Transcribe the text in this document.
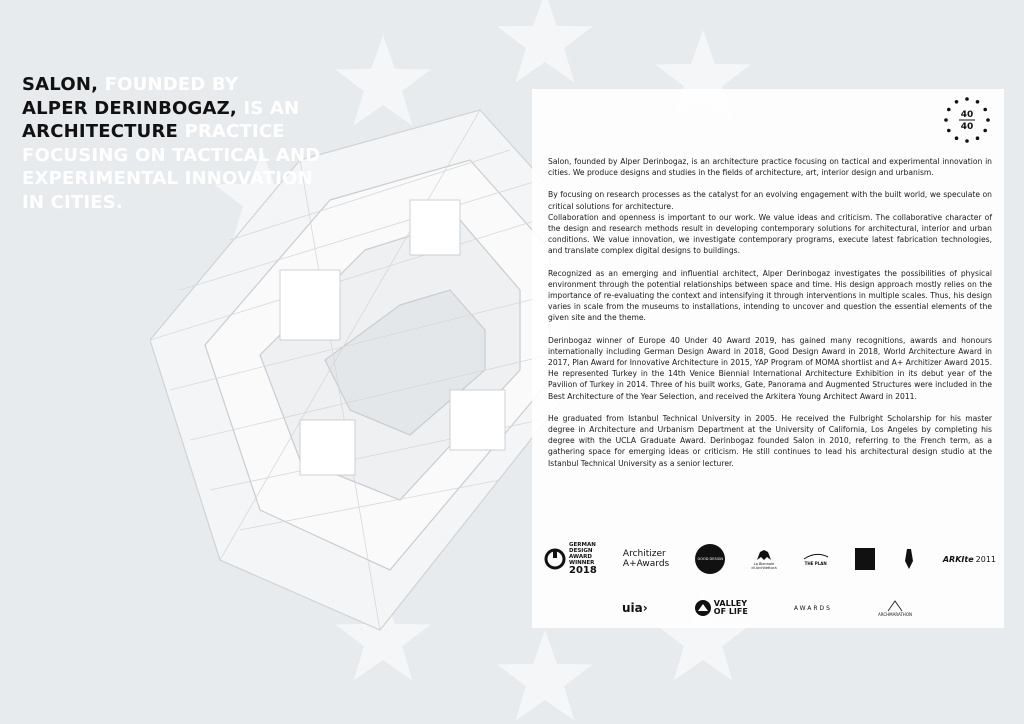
SALON, FOUNDED BY
ALPER DERINBOGAZ, IS AN
ARCHITECTURE PRACTICE
FOCUSING ON TACTICAL AND
EXPERIMENTAL INNOVATION
IN CITIES.
40
40

Salon, founded by Alper Derinbogaz, is an architecture practice focusing on tactical and experimental innovation in cities. We produce designs and studies in the fields of architecture, art, interior design and urbanism.

By focusing on research processes as the catalyst for an evolving engagement with the built world, we speculate on critical solutions for architecture.

Collaboration and openness is important to our work. We value ideas and criticism. The collaborative character of the design and research methods result in developing contemporary solutions for architectural, interior and urban conditions. We value innovation, we investigate contemporary programs, execute latest fabrication technologies, and translate complex digital designs to buildings.

Recognized as an emerging and influential architect, Alper Derinbogaz investigates the possibilities of physical environment through the potential relationships between space and time. His design approach mostly relies on the importance of re-evaluating the context and intensifying it through interventions in multiple scales. Thus, his design varies in scale from the museums to installations, intending to uncover and question the essential elements of the given site and the theme.

Derinbogaz winner of Europe 40 Under 40 Award 2019, has gained many recognitions, awards and honours internationally including German Design Award in 2018, Good Design Award in 2018, World Architecture Award in 2017, Plan Award for Innovative Architecture in 2015, YAP Program of MOMA shortlist and A+ Architizer Award 2015. He represented Turkey in the 14th Venice Biennial International Architecture Exhibition in its debut year of the Pavilion of Turkey in 2014. Three of his built works, Gate, Panorama and Augmented Structures were included in the Best Architecture of the Year Selection, and received the Arkitera Young Architect Award in 2011.

He graduated from Istanbul Technical University in 2005. He received the Fulbright Scholarship for his master degree in Architecture and Urbanism Department at the University of California, Los Angeles by completing his degree with the UCLA Graduate Award. Derinbogaz founded Salon in 2010, referring to the French term, as a gathering space for emerging ideas or criticism. He still continues to lead his architectural design studio at the Istanbul Technical University as a senior lecturer.

GERMAN
DESIGN
AWARD
WINNER
2018
Architizer
A+Awards	GOOD DESIGN
La Biennale
di Architettura
THE PLAN	ARKIte 2011
uia ›	VALLEY
OF LIFE	AWARDS
ARCHMARATHON
